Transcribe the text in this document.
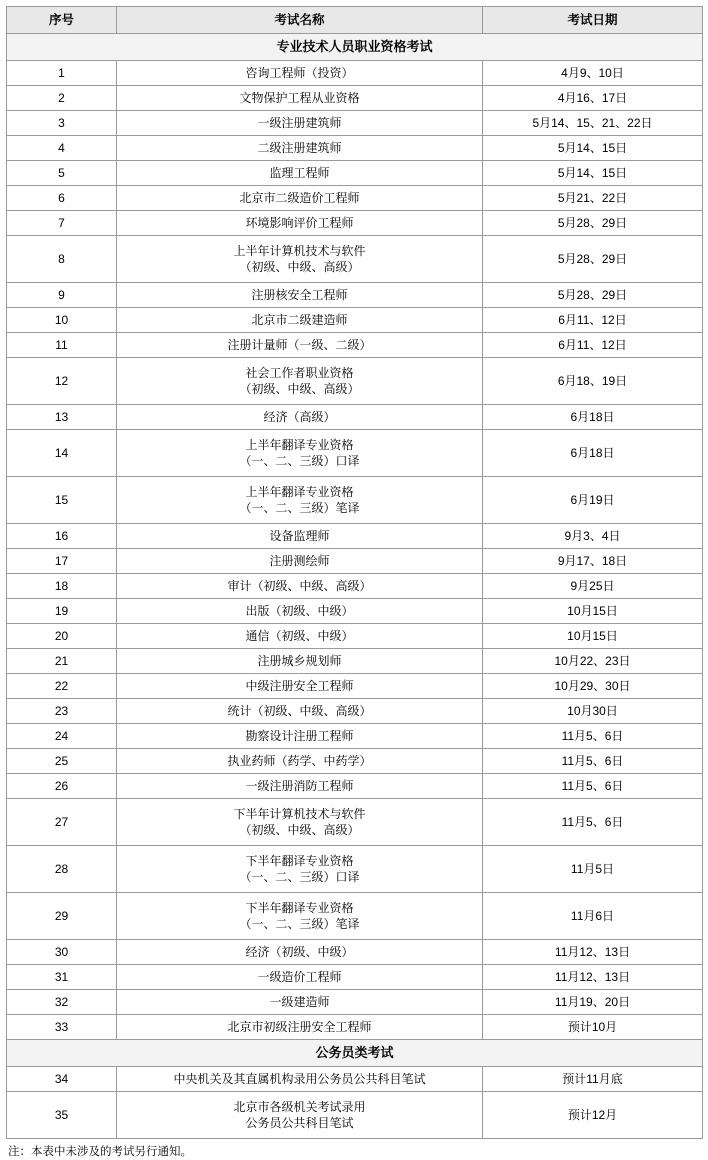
序号	考试名称	考试日期
专业技术人员职业资格考试		
1	咨询工程师（投资）	4月9、10日
2	文物保护工程从业资格	4月16、17日
3	一级注册建筑师	5月14、15、21、22日
4	二级注册建筑师	5月14、15日
5	监理工程师	5月14、15日
6	北京市二级造价工程师	5月21、22日
7	环境影响评价工程师	5月28、29日
8	上半年计算机技术与软件
（初级、中级、高级）	5月28、29日
9	注册核安全工程师	5月28、29日
10	北京市二级建造师	6月11、12日
11	注册计量师（一级、二级）	6月11、12日
12	社会工作者职业资格
（初级、中级、高级）	6月18、19日
13	经济（高级）	6月18日
14	上半年翻译专业资格
（一、二、三级）口译	6月18日
15	上半年翻译专业资格
（一、二、三级）笔译	6月19日
16	设备监理师	9月3、4日
17	注册测绘师	9月17、18日
18	审计（初级、中级、高级）	9月25日
19	出版（初级、中级）	10月15日
20	通信（初级、中级）	10月15日
21	注册城乡规划师	10月22、23日
22	中级注册安全工程师	10月29、30日
23	统计（初级、中级、高级）	10月30日
24	勘察设计注册工程师	11月5、6日
25	执业药师（药学、中药学）	11月5、6日
26	一级注册消防工程师	11月5、6日
27	下半年计算机技术与软件
（初级、中级、高级）	11月5、6日
28	下半年翻译专业资格
（一、二、三级）口译	11月5日
29	下半年翻译专业资格
（一、二、三级）笔译	11月6日
30	经济（初级、中级）	11月12、13日
31	一级造价工程师	11月12、13日
32	一级建造师	11月19、20日
33	北京市初级注册安全工程师	预计10月
公务员类考试		
34	中央机关及其直属机构录用公务员公共科目笔试	预计11月底
35	北京市各级机关考试录用
公务员公共科目笔试	预计12月
注：本表中未涉及的考试另行通知。
